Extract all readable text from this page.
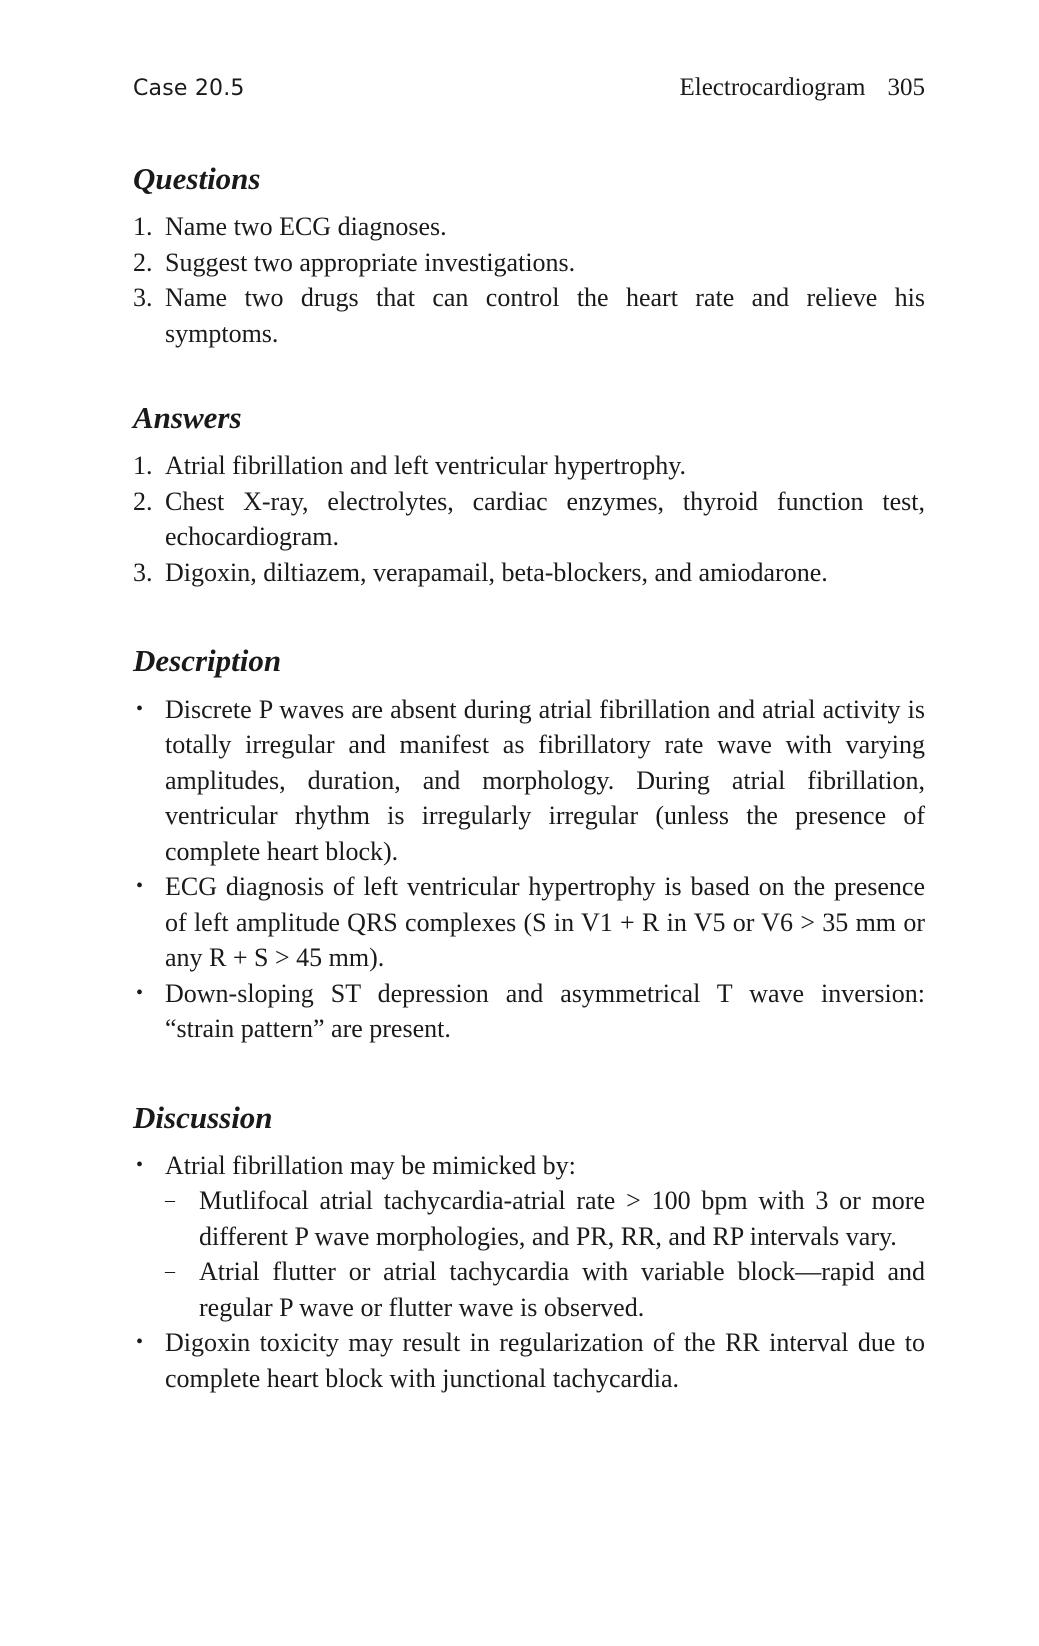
Case 20.5	Electrocardiogram 305
Questions
1. Name two ECG diagnoses.
2. Suggest two appropriate investigations.
3. Name two drugs that can control the heart rate and relieve his symptoms.
Answers
1. Atrial fibrillation and left ventricular hypertrophy.
2. Chest X-ray, electrolytes, cardiac enzymes, thyroid function test, echocardiogram.
3. Digoxin, diltiazem, verapamail, beta-blockers, and amiodarone.
Description
• Discrete P waves are absent during atrial fibrillation and atrial activity is totally irregular and manifest as fibrillatory rate wave with varying amplitudes, duration, and morphology. During atrial fibrillation, ventricular rhythm is irregularly irregular (unless the presence of complete heart block).
• ECG diagnosis of left ventricular hypertrophy is based on the presence of left amplitude QRS complexes (S in V1 + R in V5 or V6 > 35 mm or any R + S > 45 mm).
• Down-sloping ST depression and asymmetrical T wave inversion: “strain pattern” are present.
Discussion
• Atrial fibrillation may be mimicked by:
– Mutlifocal atrial tachycardia-atrial rate > 100 bpm with 3 or more different P wave morphologies, and PR, RR, and RP intervals vary.
– Atrial flutter or atrial tachycardia with variable block—rapid and regular P wave or flutter wave is observed.
• Digoxin toxicity may result in regularization of the RR interval due to complete heart block with junctional tachycardia.
